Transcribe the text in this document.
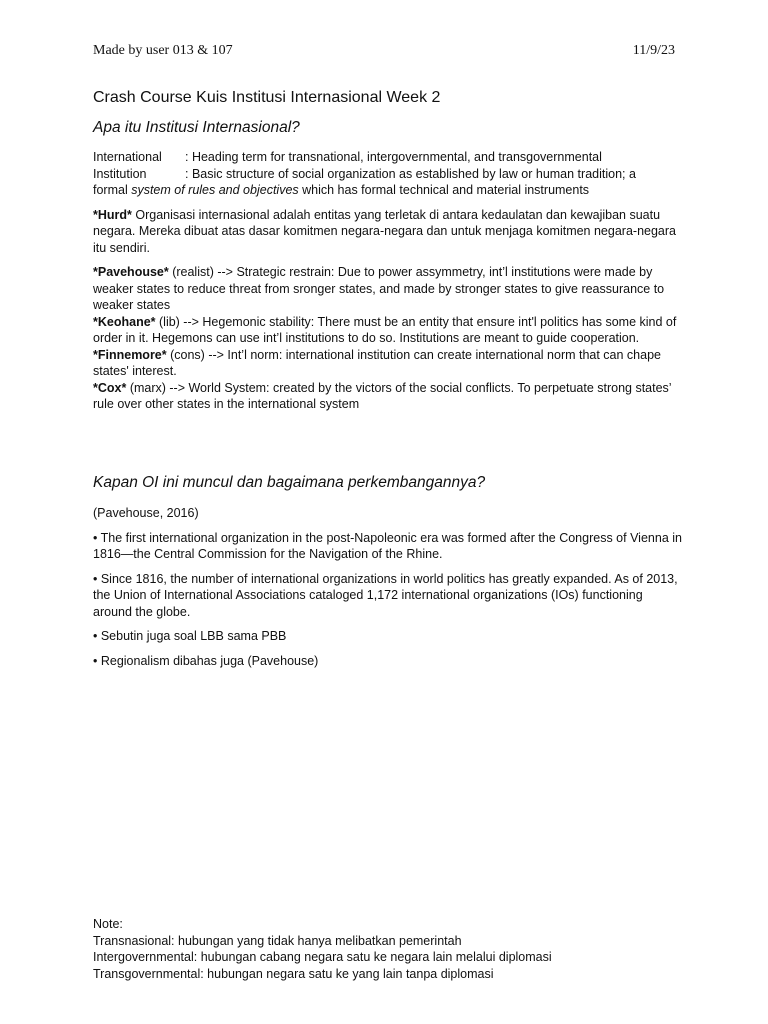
Made by user 013 & 107	11/9/23
Crash Course Kuis Institusi Internasional Week 2
Apa itu Institusi Internasional?
International	: Heading term for transnational, intergovernmental, and transgovernmental
Institution	: Basic structure of social organization as established by law or human tradition; a

formal system of rules and objectives which has formal technical and material instruments

*Hurd* Organisasi internasional adalah entitas yang terletak di antara kedaulatan dan kewajiban suatu negara. Mereka dibuat atas dasar komitmen negara-negara dan untuk menjaga komitmen negara-negara itu sendiri.

*Pavehouse* (realist) --> Strategic restrain: Due to power assymmetry, int’l institutions were made by weaker states to reduce threat from sronger states, and made by stronger states to give reassurance to weaker states

*Keohane* (lib) --> Hegemonic stability: There must be an entity that ensure int'l politics has some kind of order in it. Hegemons can use int’l institutions to do so. Institutions are meant to guide cooperation.

*Finnemore* (cons) --> Int’l norm: international institution can create international norm that can chape states' interest.

*Cox* (marx) --> World System: created by the victors of the social conflicts. To perpetuate strong states’ rule over other states in the international system

Kapan OI ini muncul dan bagaimana perkembangannya?

(Pavehouse, 2016)

• The first international organization in the post-Napoleonic era was formed after the Congress of Vienna in 1816—the Central Commission for the Navigation of the Rhine.

• Since 1816, the number of international organizations in world politics has greatly expanded. As of 2013, the Union of International Associations cataloged 1,172 international organizations (IOs) functioning around the globe.

• Sebutin juga soal LBB sama PBB

• Regionalism dibahas juga (Pavehouse)

Note:

Transnasional: hubungan yang tidak hanya melibatkan pemerintah

Intergovernmental: hubungan cabang negara satu ke negara lain melalui diplomasi

Transgovernmental: hubungan negara satu ke yang lain tanpa diplomasi
